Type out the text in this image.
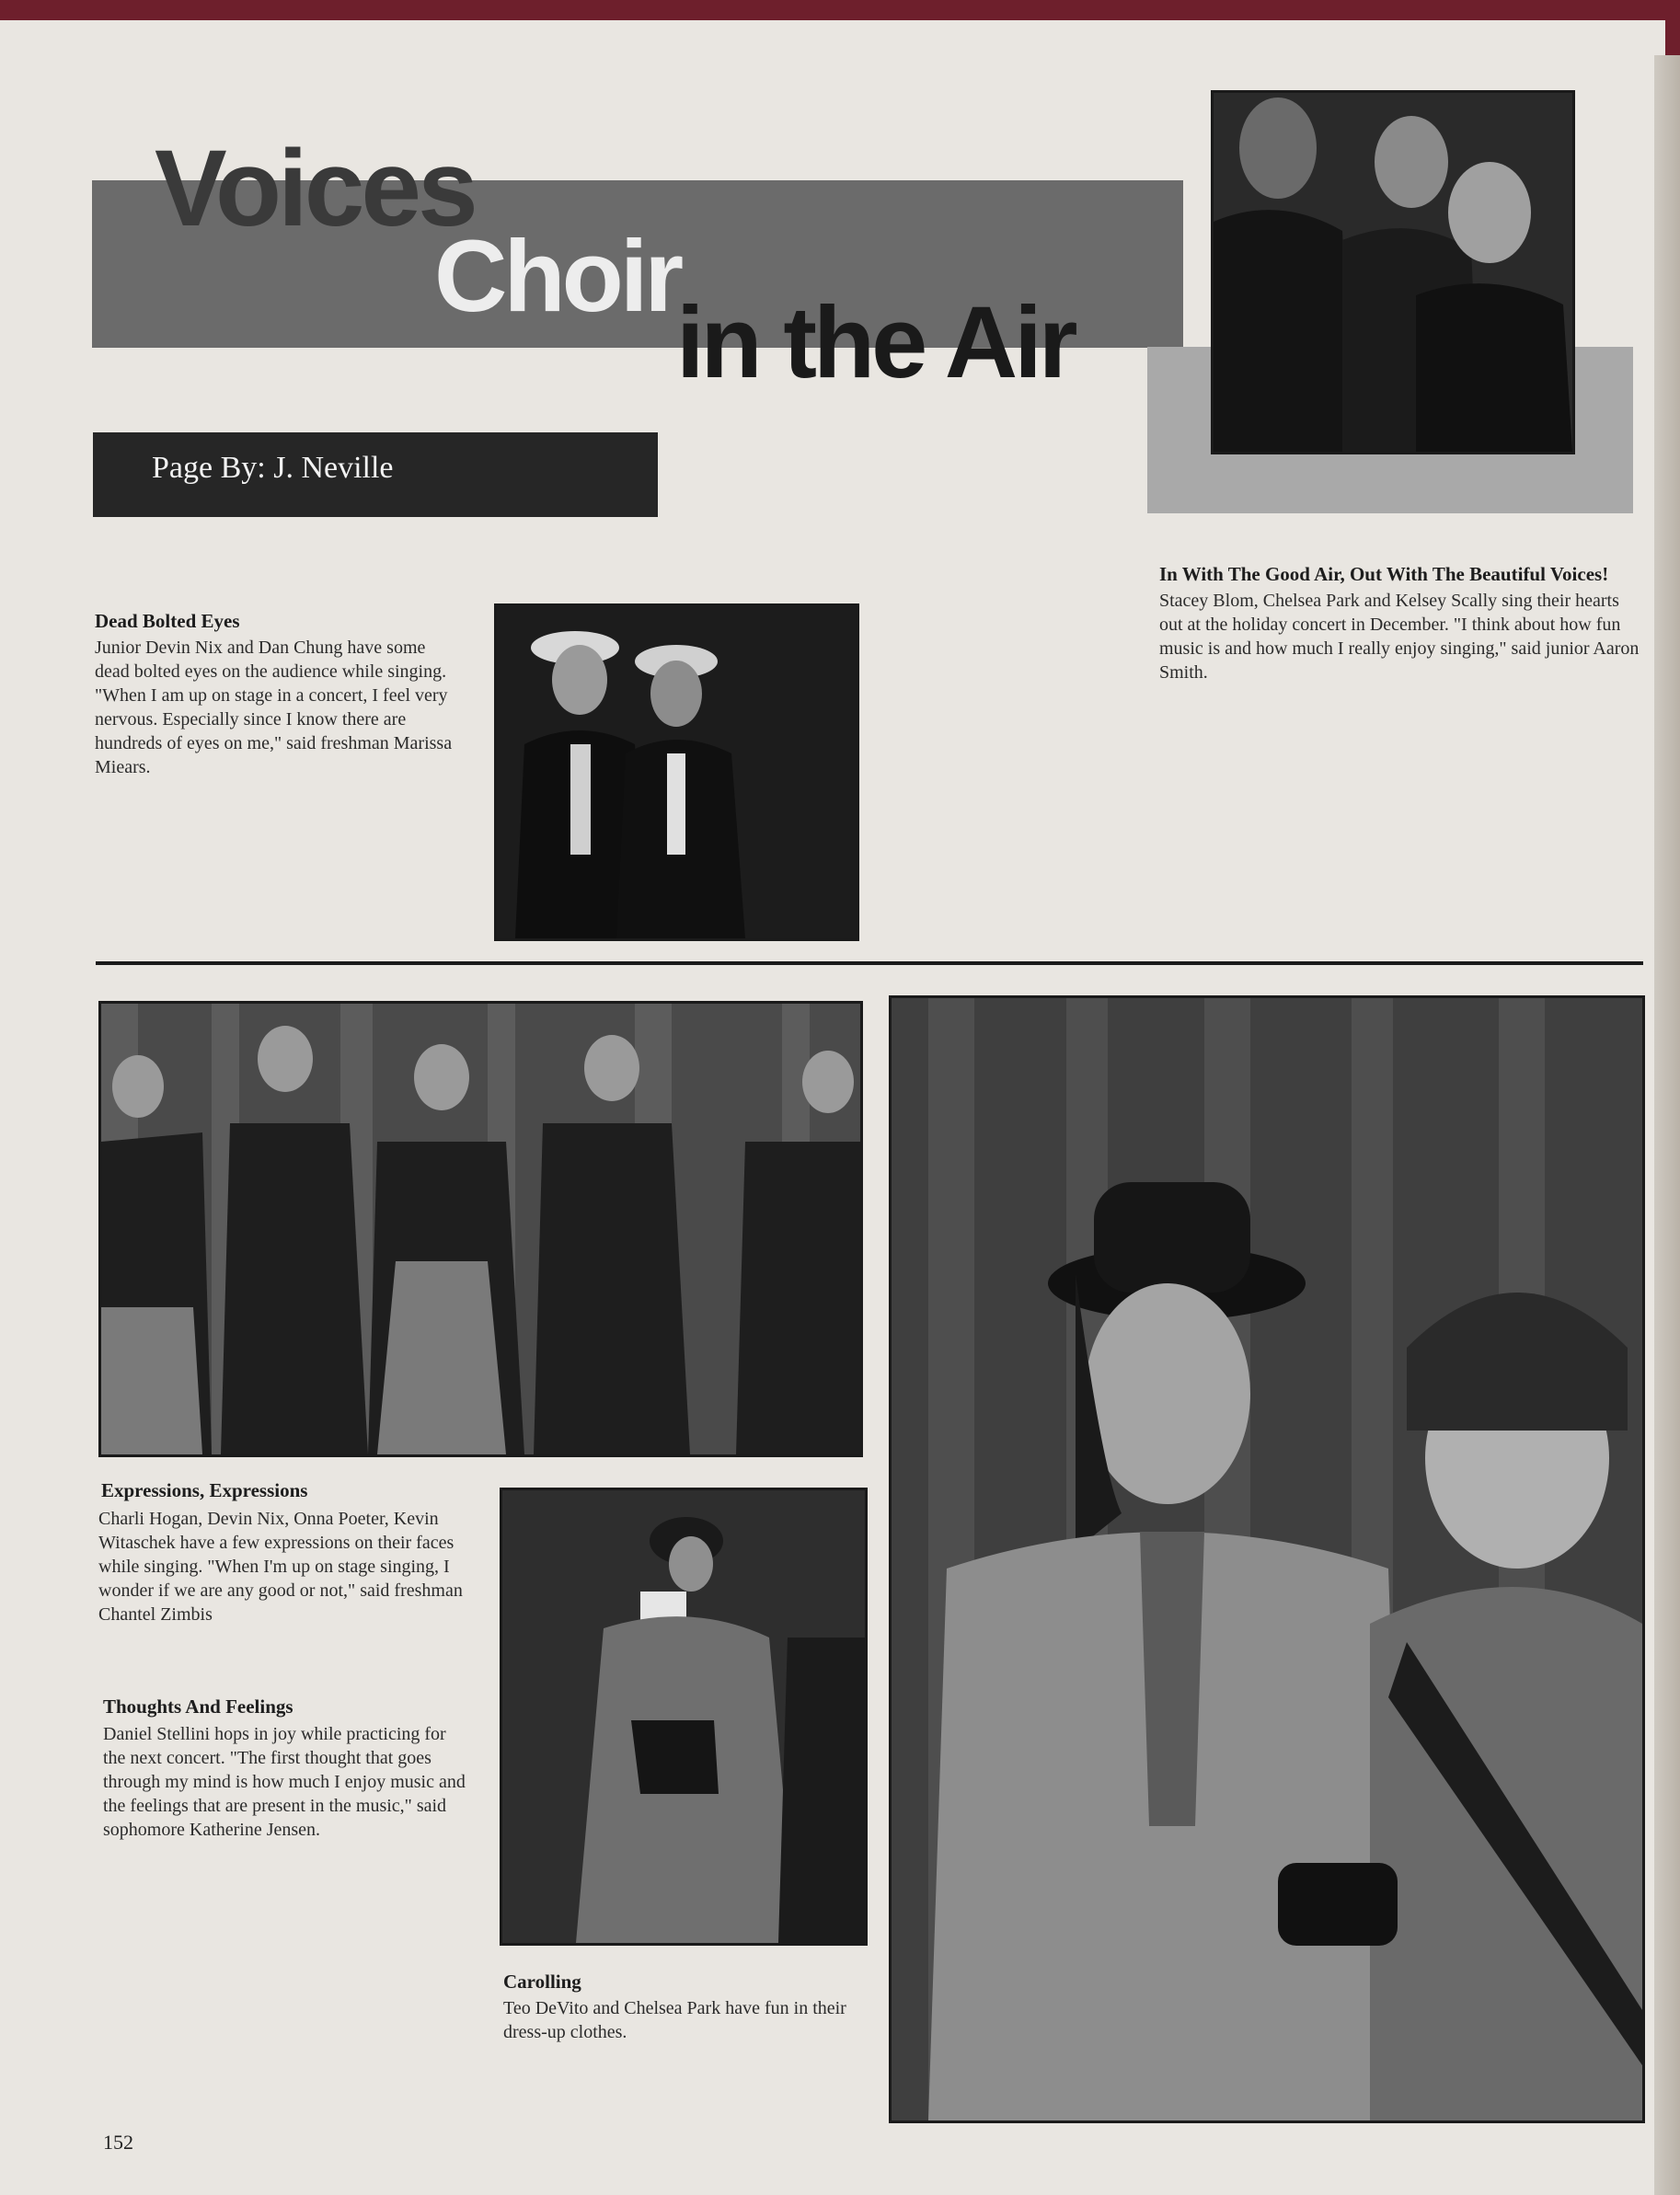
Voices
Choir
in the Air
Page By: J. Neville
In With The Good Air, Out With The Beautiful Voices!
Stacey Blom, Chelsea Park and Kelsey Scally sing their hearts out at the holiday concert in December. "I think about how fun music is and how much I really enjoy singing," said junior Aaron Smith.
Dead Bolted Eyes
Junior Devin Nix and Dan Chung have some dead bolted eyes on the audience while singing. "When I am up on stage in a concert, I feel very nervous. Especially since I know there are hundreds of eyes on me," said freshman Marissa Miears.
Expressions, Expressions
Charli Hogan, Devin Nix, Onna Poeter, Kevin Witaschek have a few expressions on their faces while singing. "When I'm up on stage singing, I wonder if we are any good or not," said freshman Chantel Zimbis
Thoughts And Feelings
Daniel Stellini hops in joy while practicing for the next concert. "The first thought that goes through my mind is how much I enjoy music and the feelings that are present in the music," said sophomore Katherine Jensen.
Carolling
Teo DeVito and Chelsea Park have fun in their dress-up clothes.
152
